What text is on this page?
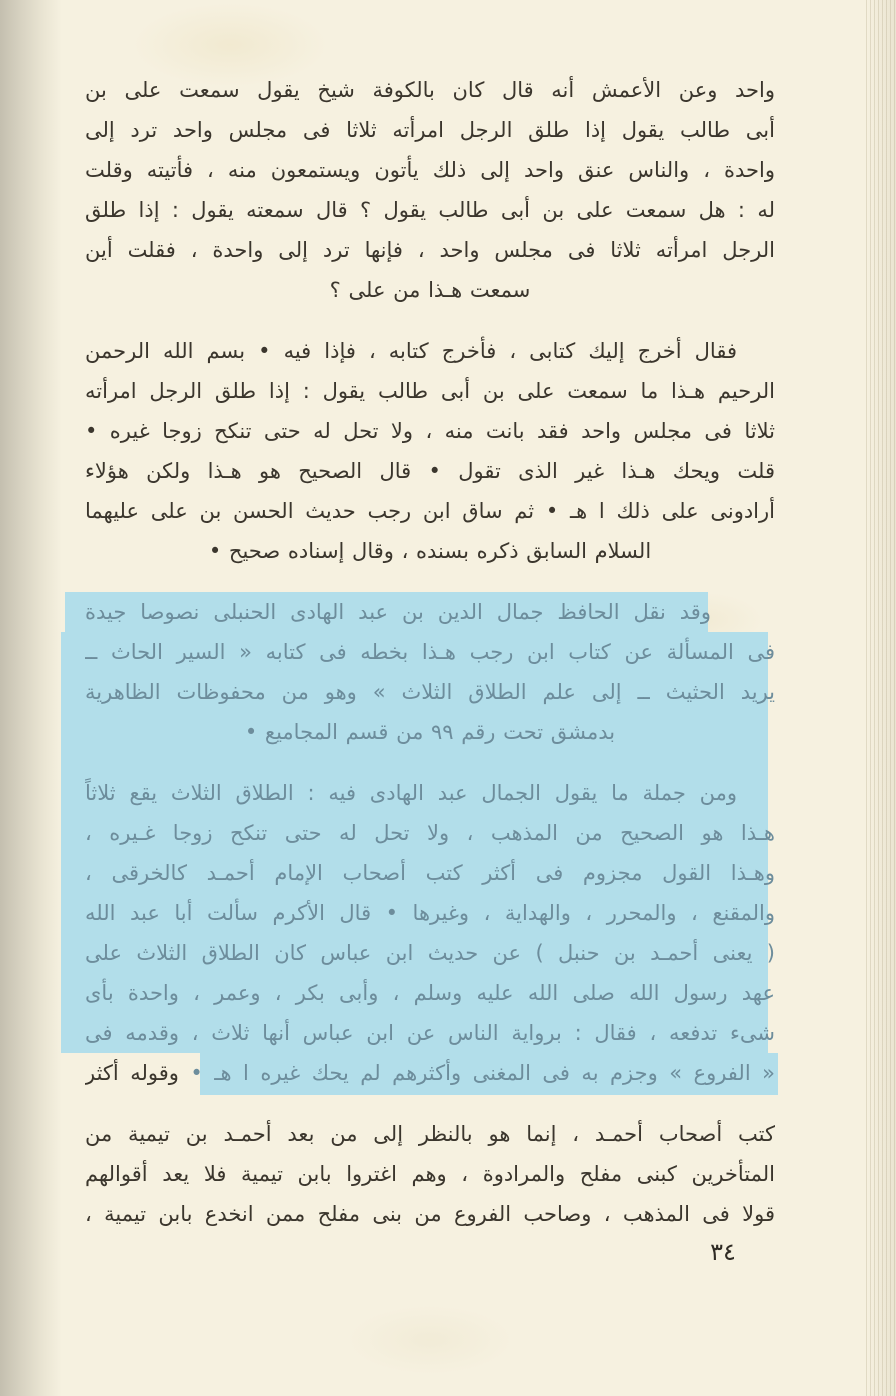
واحد وعن الأعمش أنه قال كان بالكوفة شيخ يقول سمعت على بن
أبى طالب يقول إذا طلق الرجل امرأته ثلاثا فى مجلس واحد ترد إلى
واحدة ، والناس عنق واحد إلى ذلك يأتون ويستمعون منه ، فأتيته وقلت
له : هل سمعت على بن أبى طالب يقول ؟ قال سمعته يقول : إذا طلق
الرجل امرأته ثلاثا فى مجلس واحد ، فإنها ترد إلى واحدة ، فقلت أين
سمعت هـذا من على ؟
فقال أخرج إليك كتابى ، فأخرج كتابه ، فإذا فيه • بسم الله الرحمن
الرحيم هـذا ما سمعت على بن أبى طالب يقول : إذا طلق الرجل امرأته
ثلاثا فى مجلس واحد فقد بانت منه ، ولا تحل له حتى تنكح زوجا غيره •
قلت ويحك هـذا غير الذى تقول • قال الصحيح هو هـذا ولكن هؤلاء
أرادونى على ذلك ا هـ • ثم ساق ابن رجب حديث الحسن بن على عليهما
السلام السابق ذكره بسنده ، وقال إسناده صحيح •
وقد نقل الحافظ جمال الدين بن عبد الهادى الحنبلى نصوصا جيدة
فى المسألة عن كتاب ابن رجب هـذا بخطه فى كتابه « السير الحاث ــ
يريد الحثيث ــ إلى علم الطلاق الثلاث » وهو من محفوظات الظاهرية
بدمشق تحت رقم ٩٩ من قسم المجاميع •
ومن جملة ما يقول الجمال عبد الهادى فيه : الطلاق الثلاث يقع ثلاثاً
هـذا هو الصحيح من المذهب ، ولا تحل له حتى تنكح زوجا غـيره ،
وهـذا القول مجزوم فى أكثر كتب أصحاب الإمام أحمـد كالخرقى ،
والمقنع ، والمحرر ، والهداية ، وغيرها • قال الأكرم سألت أبا عبد الله
( يعنى أحمـد بن حنبل ) عن حديث ابن عباس كان الطلاق الثلاث على
عهد رسول الله صلى الله عليه وسلم ، وأبى بكر ، وعمر ، واحدة بأى
شىء تدفعه ، فقال : برواية الناس عن ابن عباس أنها ثلاث ، وقدمه فى
« الفروع » وجزم به فى المغنى وأكثرهم لم يحك غيره ا هـ • وقوله أكثر
كتب أصحاب أحمـد ، إنما هو بالنظر إلى من بعد أحمـد بن تيمية من
المتأخرين كبنى مفلح والمرادوة ، وهم اغتروا بابن تيمية فلا يعد أقوالهم
قولا فى المذهب ، وصاحب الفروع من بنى مفلح ممن انخدع بابن تيمية ،
٣٤
